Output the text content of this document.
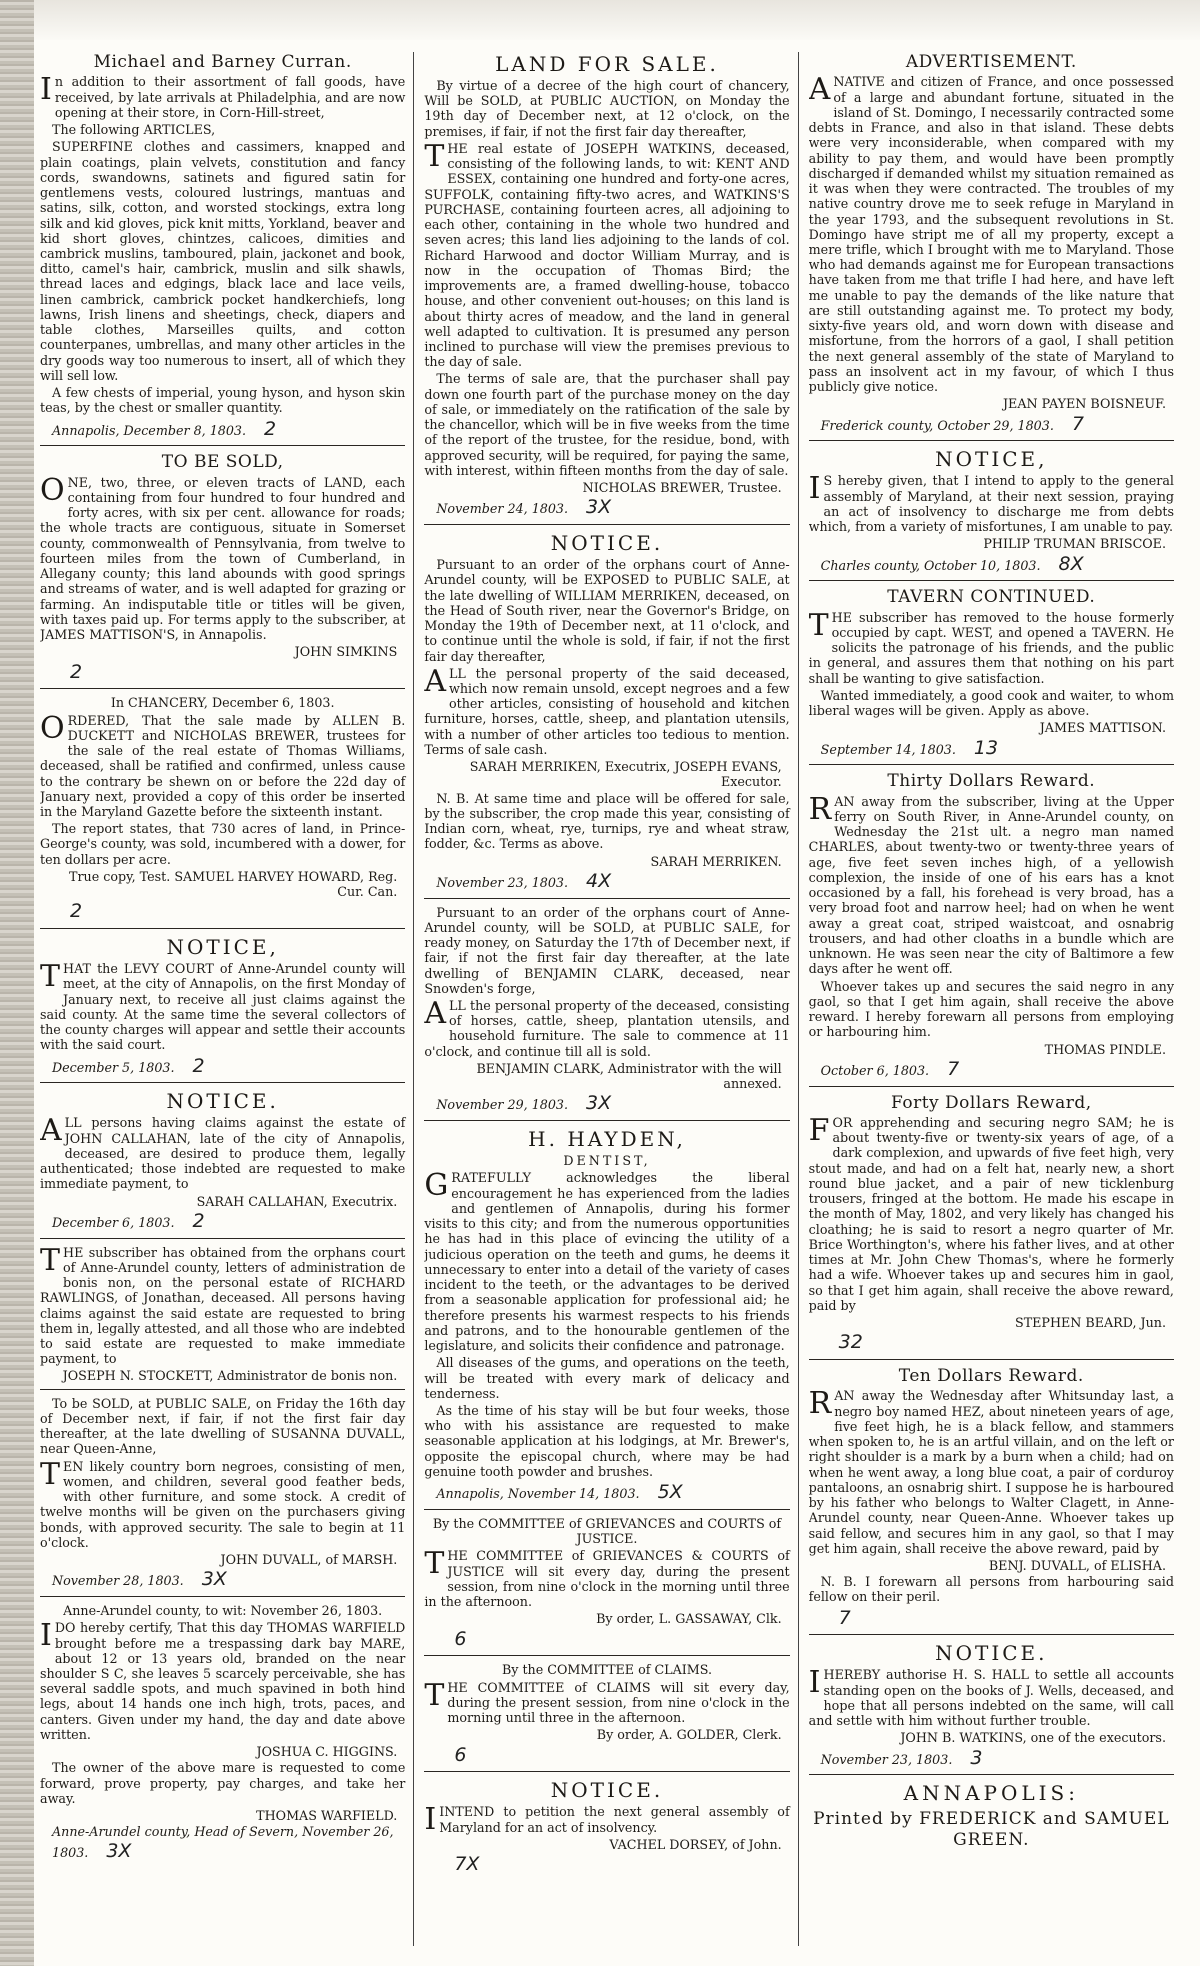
Michael and Barney Curran.

In addition to their assortment of fall goods, have received, by late arrivals at Philadelphia, and are now opening at their store, in Corn-Hill-street,

The following ARTICLES,

SUPERFINE clothes and cassimers, knapped and plain coatings, plain velvets, constitution and fancy cords, swandowns, satinets and figured satin for gentlemens vests, coloured lustrings, mantuas and satins, silk, cotton, and worsted stockings, extra long silk and kid gloves, pick knit mitts, Yorkland, beaver and kid short gloves, chintzes, calicoes, dimities and cambrick muslins, tamboured, plain, jackonet and book, ditto, camel's hair, cambrick, muslin and silk shawls, thread laces and edgings, black lace and lace veils, linen cambrick, cambrick pocket handkerchiefs, long lawns, Irish linens and sheetings, check, diapers and table clothes, Marseilles quilts, and cotton counterpanes, umbrellas, and many other articles in the dry goods way too numerous to insert, all of which they will sell low.

A few chests of imperial, young hyson, and hyson skin teas, by the chest or smaller quantity.

Annapolis, December 8, 1803. 2
TO BE SOLD,

ONE, two, three, or eleven tracts of LAND, each containing from four hundred to four hundred and forty acres, with six per cent. allowance for roads; the whole tracts are contiguous, situate in Somerset county, commonwealth of Pennsylvania, from twelve to fourteen miles from the town of Cumberland, in Allegany county; this land abounds with good springs and streams of water, and is well adapted for grazing or farming. An indisputable title or titles will be given, with taxes paid up. For terms apply to the subscriber, at JAMES MATTISON'S, in Annapolis.

JOHN SIMKINS
2
In CHANCERY, December 6, 1803.

ORDERED, That the sale made by ALLEN B. DUCKETT and NICHOLAS BREWER, trustees for the sale of the real estate of Thomas Williams, deceased, shall be ratified and confirmed, unless cause to the contrary be shewn on or before the 22d day of January next, provided a copy of this order be inserted in the Maryland Gazette before the sixteenth instant.

The report states, that 730 acres of land, in Prince-George's county, was sold, incumbered with a dower, for ten dollars per acre.

True copy, Test. SAMUEL HARVEY HOWARD, Reg. Cur. Can.
2
NOTICE,

THAT the LEVY COURT of Anne-Arundel county will meet, at the city of Annapolis, on the first Monday of January next, to receive all just claims against the said county. At the same time the several collectors of the county charges will appear and settle their accounts with the said court.

December 5, 1803. 2
NOTICE.

ALL persons having claims against the estate of JOHN CALLAHAN, late of the city of Annapolis, deceased, are desired to produce them, legally authenticated; those indebted are requested to make immediate payment, to

SARAH CALLAHAN, Executrix.
December 6, 1803. 2

THE subscriber has obtained from the orphans court of Anne-Arundel county, letters of administration de bonis non, on the personal estate of RICHARD RAWLINGS, of Jonathan, deceased. All persons having claims against the said estate are requested to bring them in, legally attested, and all those who are indebted to said estate are requested to make immediate payment, to

JOSEPH N. STOCKETT, Administrator de bonis non.

To be SOLD, at PUBLIC SALE, on Friday the 16th day of December next, if fair, if not the first fair day thereafter, at the late dwelling of SUSANNA DUVALL, near Queen-Anne,

TEN likely country born negroes, consisting of men, women, and children, several good feather beds, with other furniture, and some stock. A credit of twelve months will be given on the purchasers giving bonds, with approved security. The sale to begin at 11 o'clock.

JOHN DUVALL, of MARSH.
November 28, 1803. 3X
Anne-Arundel county, to wit: November 26, 1803.

IDO hereby certify, That this day THOMAS WARFIELD brought before me a trespassing dark bay MARE, about 12 or 13 years old, branded on the near shoulder S C, she leaves 5 scarcely perceivable, she has several saddle spots, and much spavined in both hind legs, about 14 hands one inch high, trots, paces, and canters. Given under my hand, the day and date above written.

JOSHUA C. HIGGINS.

The owner of the above mare is requested to come forward, prove property, pay charges, and take her away.

THOMAS WARFIELD.
Anne-Arundel county, Head of Severn, November 26, 1803. 3X
LAND FOR SALE.

By virtue of a decree of the high court of chancery, Will be SOLD, at PUBLIC AUCTION, on Monday the 19th day of December next, at 12 o'clock, on the premises, if fair, if not the first fair day thereafter,

THE real estate of JOSEPH WATKINS, deceased, consisting of the following lands, to wit: KENT AND ESSEX, containing one hundred and forty-one acres, SUFFOLK, containing fifty-two acres, and WATKINS'S PURCHASE, containing fourteen acres, all adjoining to each other, containing in the whole two hundred and seven acres; this land lies adjoining to the lands of col. Richard Harwood and doctor William Murray, and is now in the occupation of Thomas Bird; the improvements are, a framed dwelling-house, tobacco house, and other convenient out-houses; on this land is about thirty acres of meadow, and the land in general well adapted to cultivation. It is presumed any person inclined to purchase will view the premises previous to the day of sale.

The terms of sale are, that the purchaser shall pay down one fourth part of the purchase money on the day of sale, or immediately on the ratification of the sale by the chancellor, which will be in five weeks from the time of the report of the trustee, for the residue, bond, with approved security, will be required, for paying the same, with interest, within fifteen months from the day of sale.

NICHOLAS BREWER, Trustee.
November 24, 1803. 3X
NOTICE.

Pursuant to an order of the orphans court of Anne-Arundel county, will be EXPOSED to PUBLIC SALE, at the late dwelling of WILLIAM MERRIKEN, deceased, on the Head of South river, near the Governor's Bridge, on Monday the 19th of December next, at 11 o'clock, and to continue until the whole is sold, if fair, if not the first fair day thereafter,

ALL the personal property of the said deceased, which now remain unsold, except negroes and a few other articles, consisting of household and kitchen furniture, horses, cattle, sheep, and plantation utensils, with a number of other articles too tedious to mention. Terms of sale cash.

SARAH MERRIKEN, Executrix, JOSEPH EVANS, Executor.

N. B. At same time and place will be offered for sale, by the subscriber, the crop made this year, consisting of Indian corn, wheat, rye, turnips, rye and wheat straw, fodder, &c. Terms as above.

SARAH MERRIKEN.
November 23, 1803. 4X

Pursuant to an order of the orphans court of Anne-Arundel county, will be SOLD, at PUBLIC SALE, for ready money, on Saturday the 17th of December next, if fair, if not the first fair day thereafter, at the late dwelling of BENJAMIN CLARK, deceased, near Snowden's forge,

ALL the personal property of the deceased, consisting of horses, cattle, sheep, plantation utensils, and household furniture. The sale to commence at 11 o'clock, and continue till all is sold.

BENJAMIN CLARK, Administrator with the will annexed.
November 29, 1803. 3X
H. HAYDEN,
DENTIST,

GRATEFULLY acknowledges the liberal encouragement he has experienced from the ladies and gentlemen of Annapolis, during his former visits to this city; and from the numerous opportunities he has had in this place of evincing the utility of a judicious operation on the teeth and gums, he deems it unnecessary to enter into a detail of the variety of cases incident to the teeth, or the advantages to be derived from a seasonable application for professional aid; he therefore presents his warmest respects to his friends and patrons, and to the honourable gentlemen of the legislature, and solicits their confidence and patronage.

All diseases of the gums, and operations on the teeth, will be treated with every mark of delicacy and tenderness.

As the time of his stay will be but four weeks, those who with his assistance are requested to make seasonable application at his lodgings, at Mr. Brewer's, opposite the episcopal church, where may be had genuine tooth powder and brushes.

Annapolis, November 14, 1803. 5X
By the COMMITTEE of GRIEVANCES and COURTS of JUSTICE.

THE COMMITTEE of GRIEVANCES & COURTS of JUSTICE will sit every day, during the present session, from nine o'clock in the morning until three in the afternoon.

By order, L. GASSAWAY, Clk.
6
By the COMMITTEE of CLAIMS.

THE COMMITTEE of CLAIMS will sit every day, during the present session, from nine o'clock in the morning until three in the afternoon.

By order, A. GOLDER, Clerk.
6
NOTICE.

IINTEND to petition the next general assembly of Maryland for an act of insolvency.

VACHEL DORSEY, of John.
7X
ADVERTISEMENT.

ANATIVE and citizen of France, and once possessed of a large and abundant fortune, situated in the island of St. Domingo, I necessarily contracted some debts in France, and also in that island. These debts were very inconsiderable, when compared with my ability to pay them, and would have been promptly discharged if demanded whilst my situation remained as it was when they were contracted. The troubles of my native country drove me to seek refuge in Maryland in the year 1793, and the subsequent revolutions in St. Domingo have stript me of all my property, except a mere trifle, which I brought with me to Maryland. Those who had demands against me for European transactions have taken from me that trifle I had here, and have left me unable to pay the demands of the like nature that are still outstanding against me. To protect my body, sixty-five years old, and worn down with disease and misfortune, from the horrors of a gaol, I shall petition the next general assembly of the state of Maryland to pass an insolvent act in my favour, of which I thus publicly give notice.

JEAN PAYEN BOISNEUF.
Frederick county, October 29, 1803. 7
NOTICE,

IS hereby given, that I intend to apply to the general assembly of Maryland, at their next session, praying an act of insolvency to discharge me from debts which, from a variety of misfortunes, I am unable to pay.

PHILIP TRUMAN BRISCOE.
Charles county, October 10, 1803. 8X
TAVERN CONTINUED.

THE subscriber has removed to the house formerly occupied by capt. WEST, and opened a TAVERN. He solicits the patronage of his friends, and the public in general, and assures them that nothing on his part shall be wanting to give satisfaction.

Wanted immediately, a good cook and waiter, to whom liberal wages will be given. Apply as above.

JAMES MATTISON.
September 14, 1803. 13
Thirty Dollars Reward.

RAN away from the subscriber, living at the Upper ferry on South River, in Anne-Arundel county, on Wednesday the 21st ult. a negro man named CHARLES, about twenty-two or twenty-three years of age, five feet seven inches high, of a yellowish complexion, the inside of one of his ears has a knot occasioned by a fall, his forehead is very broad, has a very broad foot and narrow heel; had on when he went away a great coat, striped waistcoat, and osnabrig trousers, and had other cloaths in a bundle which are unknown. He was seen near the city of Baltimore a few days after he went off.

Whoever takes up and secures the said negro in any gaol, so that I get him again, shall receive the above reward. I hereby forewarn all persons from employing or harbouring him.

THOMAS PINDLE.
October 6, 1803. 7
Forty Dollars Reward,

FOR apprehending and securing negro SAM; he is about twenty-five or twenty-six years of age, of a dark complexion, and upwards of five feet high, very stout made, and had on a felt hat, nearly new, a short round blue jacket, and a pair of new ticklenburg trousers, fringed at the bottom. He made his escape in the month of May, 1802, and very likely has changed his cloathing; he is said to resort a negro quarter of Mr. Brice Worthington's, where his father lives, and at other times at Mr. John Chew Thomas's, where he formerly had a wife. Whoever takes up and secures him in gaol, so that I get him again, shall receive the above reward, paid by

STEPHEN BEARD, Jun.
32
Ten Dollars Reward.

RAN away the Wednesday after Whitsunday last, a negro boy named HEZ, about nineteen years of age, five feet high, he is a black fellow, and stammers when spoken to, he is an artful villain, and on the left or right shoulder is a mark by a burn when a child; had on when he went away, a long blue coat, a pair of corduroy pantaloons, an osnabrig shirt. I suppose he is harboured by his father who belongs to Walter Clagett, in Anne-Arundel county, near Queen-Anne. Whoever takes up said fellow, and secures him in any gaol, so that I may get him again, shall receive the above reward, paid by

BENJ. DUVALL, of ELISHA.

N. B. I forewarn all persons from harbouring said fellow on their peril.

7
NOTICE.

IHEREBY authorise H. S. HALL to settle all accounts standing open on the books of J. Wells, deceased, and hope that all persons indebted on the same, will call and settle with him without further trouble.

JOHN B. WATKINS, one of the executors.
November 23, 1803. 3
ANNAPOLIS:
Printed by FREDERICK and SAMUEL GREEN.
